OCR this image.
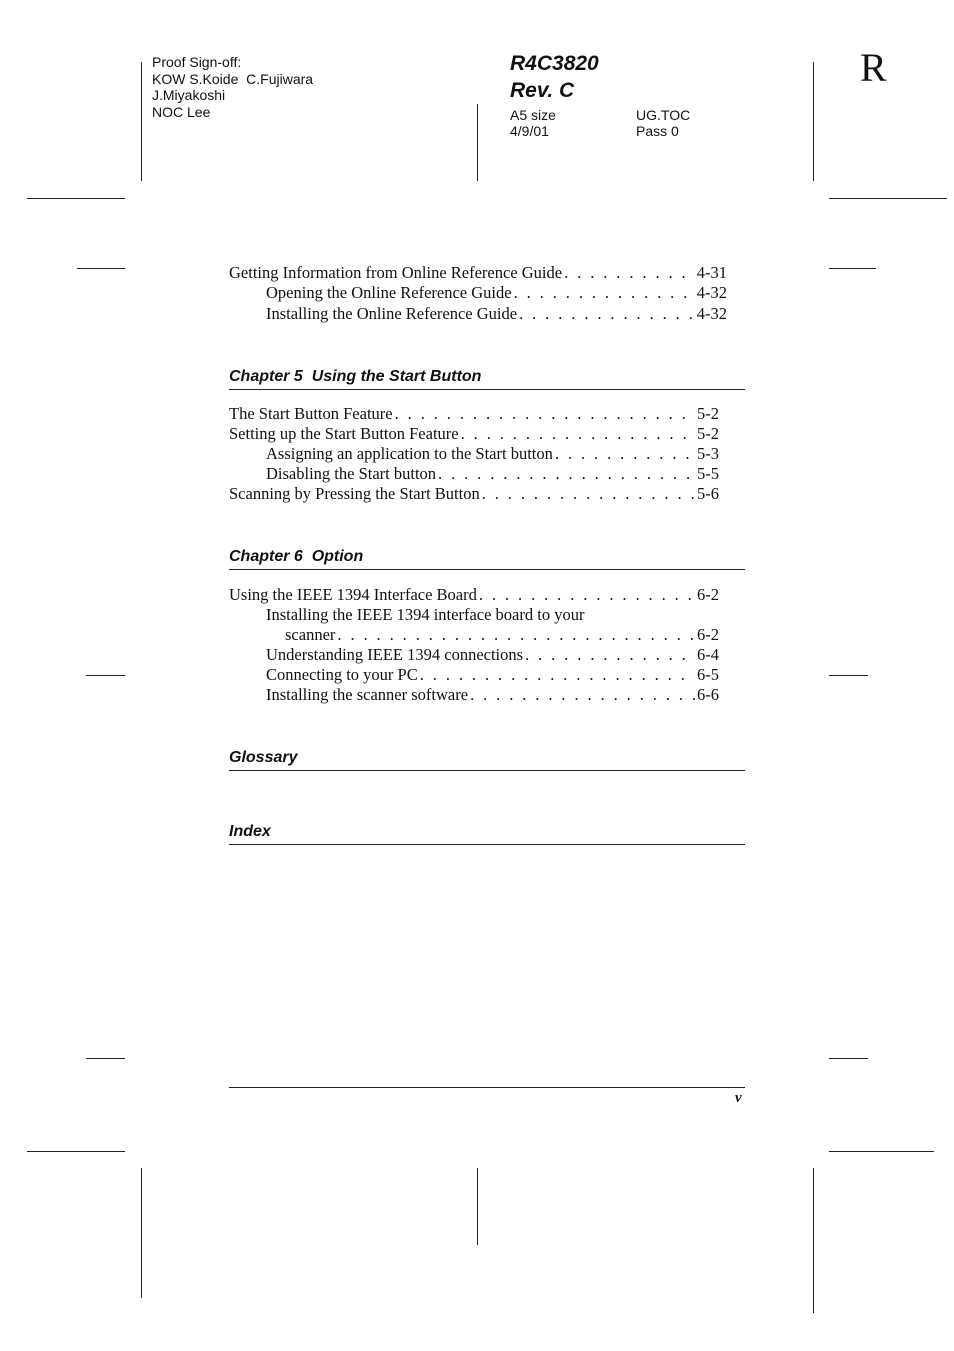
Proof Sign-off:
KOW S.Koide  C.Fujiwara
J.Miyakoshi
NOC Lee
R4C3820
Rev. C
A5 size	UG.TOC
4/9/01	Pass 0
R
Getting Information from Online Reference Guide . . .	4-31
Opening the Online Reference Guide . . .	4-32
Installing the Online Reference Guide . . .	4-32
Chapter 5  Using the Start Button
The Start Button Feature . . .	5-2
Setting up the Start Button Feature . . .	5-2
Assigning an application to the Start button . . .	5-3
Disabling the Start button . . .	5-5
Scanning by Pressing the Start Button . . .	5-6
Chapter 6  Option
Using the IEEE 1394 Interface Board . . .	6-2
Installing the IEEE 1394 interface board to your
scanner . . .	6-2
Understanding IEEE 1394 connections . . .	6-4
Connecting to your PC . . .	6-5
Installing the scanner software . . .	6-6
Glossary
Index
v
